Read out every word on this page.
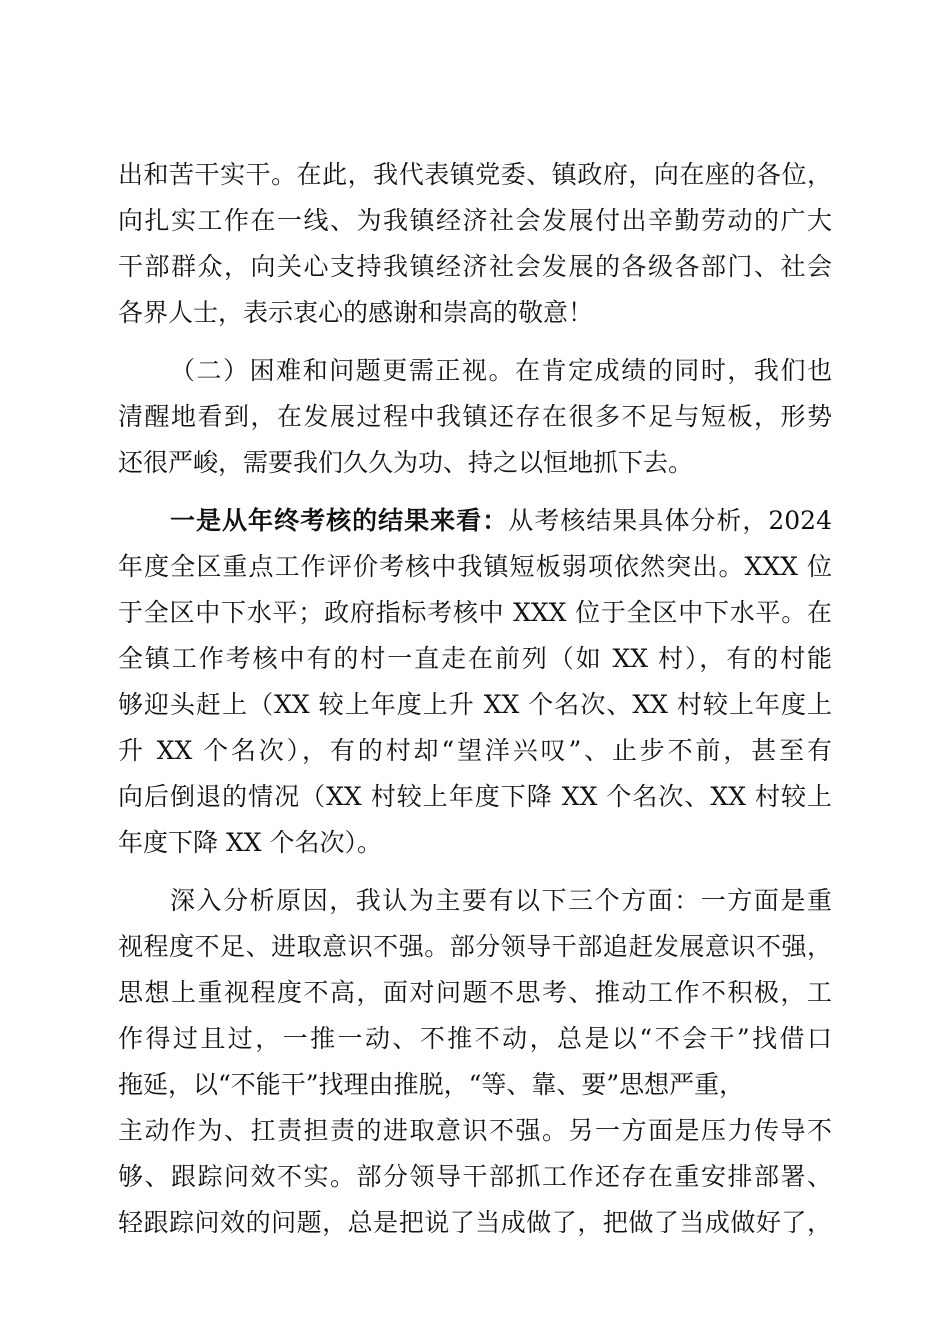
出和苦干实干。在此，我代表镇党委、镇政府，向在座的各位，
向扎实工作在一线、为我镇经济社会发展付出辛勤劳动的广大
干部群众，向关心支持我镇经济社会发展的各级各部门、社会
各界人士，表示衷心的感谢和崇高的敬意！
（二）困难和问题更需正视。在肯定成绩的同时，我们也
清醒地看到，在发展过程中我镇还存在很多不足与短板，形势
还很严峻，需要我们久久为功、持之以恒地抓下去。
一是从年终考核的结果来看：从考核结果具体分析，2024
年度全区重点工作评价考核中我镇短板弱项依然突出。XXX 位
于全区中下水平；政府指标考核中 XXX 位于全区中下水平。在
全镇工作考核中有的村一直走在前列（如 XX 村），有的村能
够迎头赶上（XX 较上年度上升 XX 个名次、XX 村较上年度上
升 XX 个名次），有的村却“望洋兴叹”、止步不前，甚至有
向后倒退的情况（XX 村较上年度下降 XX 个名次、XX 村较上
年度下降 XX 个名次）。
深入分析原因，我认为主要有以下三个方面：一方面是重
视程度不足、进取意识不强。部分领导干部追赶发展意识不强，
思想上重视程度不高，面对问题不思考、推动工作不积极，工
作得过且过，一推一动、不推不动，总是以“不会干”找借口
拖延，以“不能干”找理由推脱，“等、靠、要”思想严重，
主动作为、扛责担责的进取意识不强。另一方面是压力传导不
够、跟踪问效不实。部分领导干部抓工作还存在重安排部署、
轻跟踪问效的问题，总是把说了当成做了，把做了当成做好了，
